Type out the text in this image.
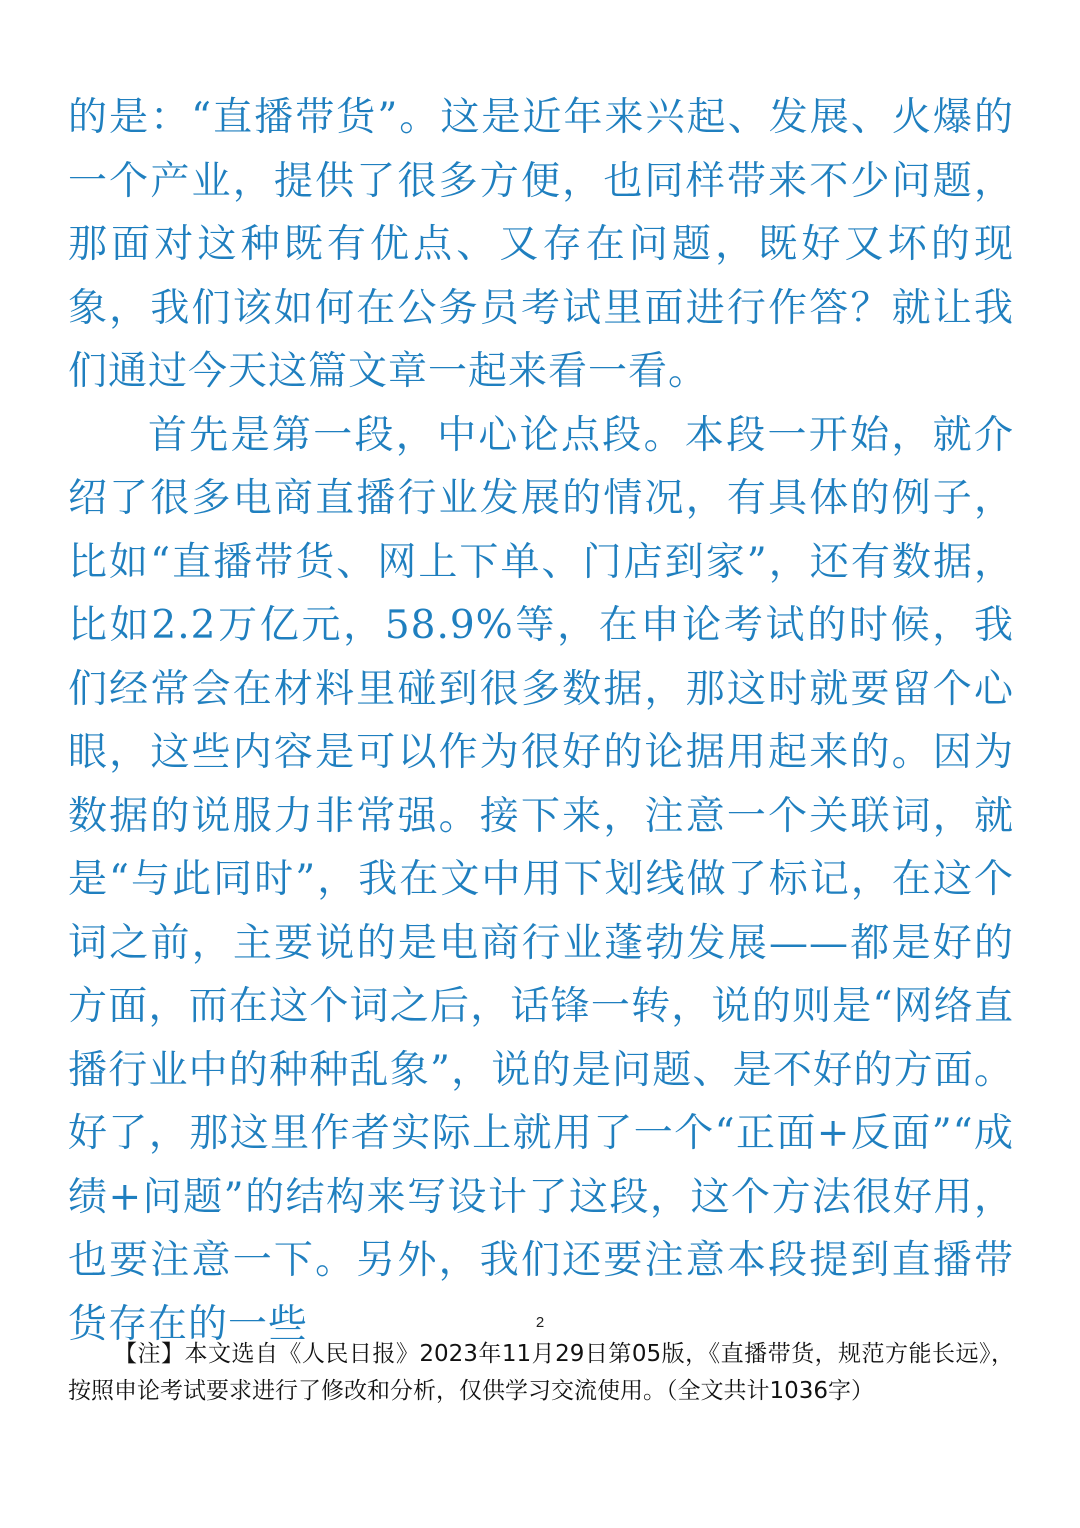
的是：“直播带货”。这是近年来兴起、发展、火爆的一个产业，提供了很多方便，也同样带来不少问题，那面对这种既有优点、又存在问题，既好又坏的现象，我们该如何在公务员考试里面进行作答？就让我们通过今天这篇文章一起来看一看。

首先是第一段，中心论点段。本段一开始，就介绍了很多电商直播行业发展的情况，有具体的例子，比如“直播带货、网上下单、门店到家”，还有数据，比如2.2万亿元，58.9%等，在申论考试的时候，我们经常会在材料里碰到很多数据，那这时就要留个心眼，这些内容是可以作为很好的论据用起来的。因为数据的说服力非常强。接下来，注意一个关联词，就是“与此同时”，我在文中用下划线做了标记，在这个词之前，主要说的是电商行业蓬勃发展——都是好的方面，而在这个词之后，话锋一转，说的则是“网络直播行业中的种种乱象”，说的是问题、是不好的方面。好了，那这里作者实际上就用了一个“正面+反面”“成绩+问题”的结构来写设计了这段，这个方法很好用，也要注意一下。另外，我们还要注意本段提到直播带货存在的一些	2
【注】本文选自《人民日报》2023年11月29日第05版，《直播带货，规范方能长远》，按照申论考试要求进行了修改和分析，仅供学习交流使用。（全文共计1036字）
